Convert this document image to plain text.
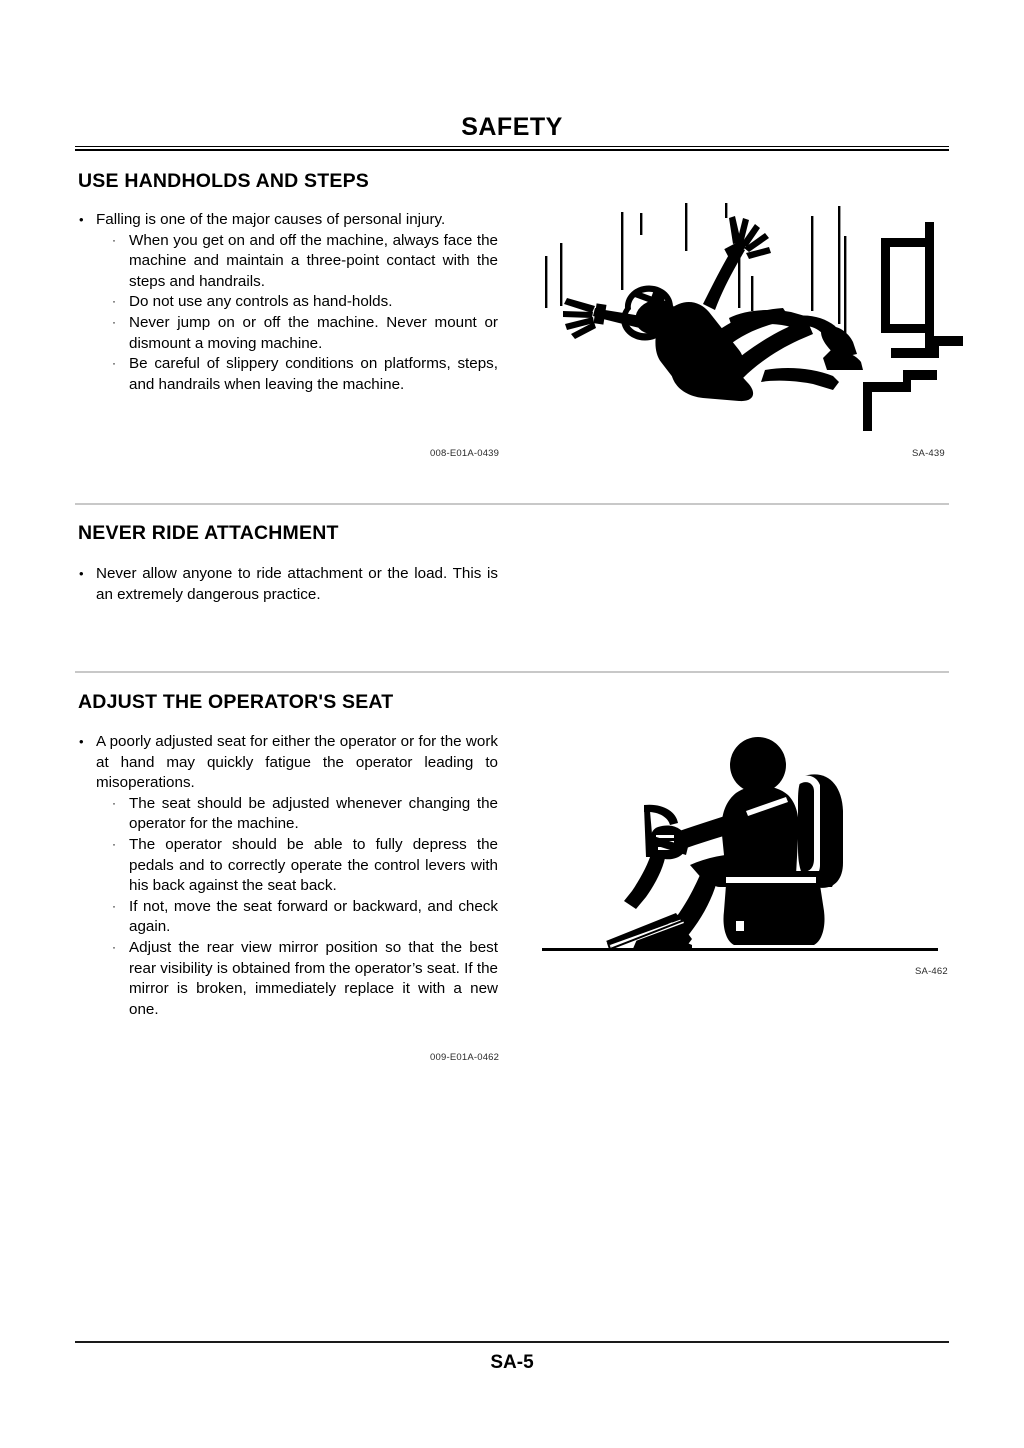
SAFETY
USE HANDHOLDS AND STEPS
• Falling is one of the major causes of personal injury.
· When you get on and off the machine, always face the machine and maintain a three-point contact with the steps and handrails.
· Do not use any controls as hand-holds.
· Never jump on or off the machine. Never mount or dismount a moving machine.
· Be careful of slippery conditions on platforms, steps, and handrails when leaving the machine.
008-E01A-0439	SA-439
NEVER RIDE ATTACHMENT
• Never allow anyone to ride attachment or the load. This is an extremely dangerous practice.
ADJUST THE OPERATOR'S SEAT
• A poorly adjusted seat for either the operator or for the work at hand may quickly fatigue the operator leading to misoperations.
· The seat should be adjusted whenever changing the operator for the machine.
· The operator should be able to fully depress the pedals and to correctly operate the control levers with his back against the seat back.
· If not, move the seat forward or backward, and check again.
· Adjust the rear view mirror position so that the best rear visibility is obtained from the operator’s seat. If the mirror is broken, immediately replace it with a new one.
SA-462
009-E01A-0462
SA-5
